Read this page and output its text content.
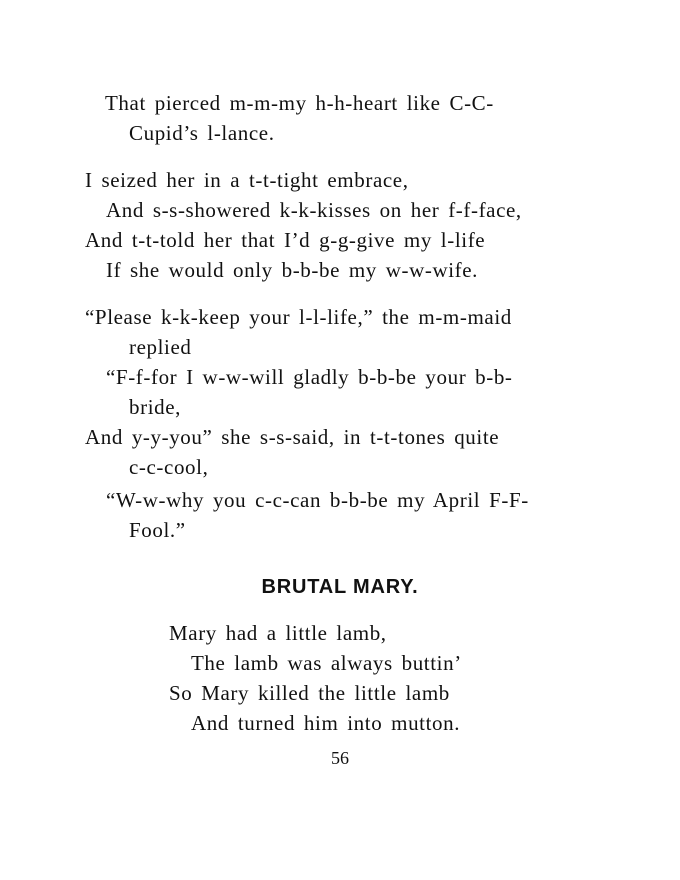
That pierced m-m-my h-h-heart like C-C-
Cupid’s l-lance.
I seized her in a t-t-tight embrace,
And s-s-showered k-k-kisses on her f-f-face,
And t-t-told her that I’d g-g-give my l-life
If she would only b-b-be my w-w-wife.
“Please k-k-keep your l-l-life,” the m-m-maid
replied
“F-f-for I w-w-will gladly b-b-be your b-b-
bride,
And y-y-you” she s-s-said, in t-t-tones quite
c-c-cool,
“W-w-why you c-c-can b-b-be my April F-F-
Fool.”
BRUTAL MARY.
Mary had a little lamb,
The lamb was always buttin’
So Mary killed the little lamb
And turned him into mutton.
56
